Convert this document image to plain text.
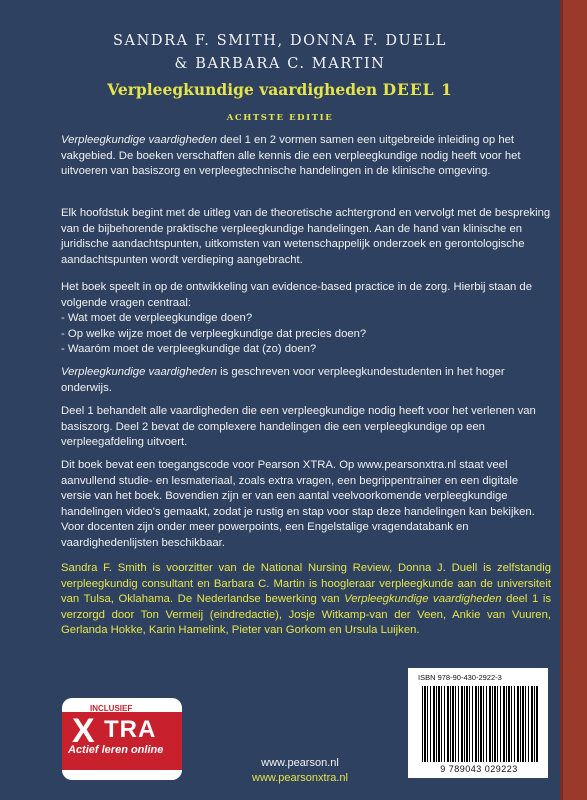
SANDRA F. SMITH, DONNA F. DUELL
& BARBARA C. MARTIN
Verpleegkundige vaardigheden DEEL 1
ACHTSTE EDITIE

Verpleegkundige vaardigheden deel 1 en 2 vormen samen een uitgebreide inleiding op het vakgebied. De boeken verschaffen alle kennis die een verpleegkundige nodig heeft voor het uitvoeren van basiszorg en verpleegtechnische handelingen in de klinische omgeving.

Elk hoofdstuk begint met de uitleg van de theoretische achtergrond en vervolgt met de bespreking van de bijbehorende praktische verpleegkundige handelingen. Aan de hand van klinische en juridische aandachtspunten, uitkomsten van wetenschappelijk onderzoek en gerontologische aandachtspunten wordt verdieping aangebracht.

Het boek speelt in op de ontwikkeling van evidence-based practice in de zorg. Hierbij staan de volgende vragen centraal:
- Wat moet de verpleegkundige doen?
- Op welke wijze moet de verpleegkundige dat precies doen?
- Waaróm moet de verpleegkundige dat (zo) doen?

Verpleegkundige vaardigheden is geschreven voor verpleegkundestudenten in het hoger onderwijs.

Deel 1 behandelt alle vaardigheden die een verpleegkundige nodig heeft voor het verlenen van basiszorg. Deel 2 bevat de complexere handelingen die een verpleegkundige op een verpleegafdeling uitvoert.

Dit boek bevat een toegangscode voor Pearson XTRA. Op www.pearsonxtra.nl staat veel aanvullend studie- en lesmateriaal, zoals extra vragen, een begrippentrainer en een digitale versie van het boek. Bovendien zijn er van een aantal veelvoorkomende verpleegkundige handelingen video's gemaakt, zodat je rustig en stap voor stap deze handelingen kan bekijken. Voor docenten zijn onder meer powerpoints, een Engelstalige vragendatabank en vaardighedenlijsten beschikbaar.

Sandra F. Smith is voorzitter van de National Nursing Review, Donna J. Duell is zelfstandig verpleegkundig consultant en Barbara C. Martin is hoogleraar verpleegkunde aan de universiteit van Tulsa, Oklahama. De Nederlandse bewerking van Verpleegkundige vaardigheden deel 1 is verzorgd door Ton Vermeij (eindredactie), Josje Witkamp-van der Veen, Ankie van Vuuren, Gerlanda Hokke, Karin Hamelink, Pieter van Gorkom en Ursula Luijken.

INCLUSIEF
X TRA
Actief leren online
www.pearson.nl
www.pearsonxtra.nl
ISBN 978-90-430-2922-3
9 789043 029223
